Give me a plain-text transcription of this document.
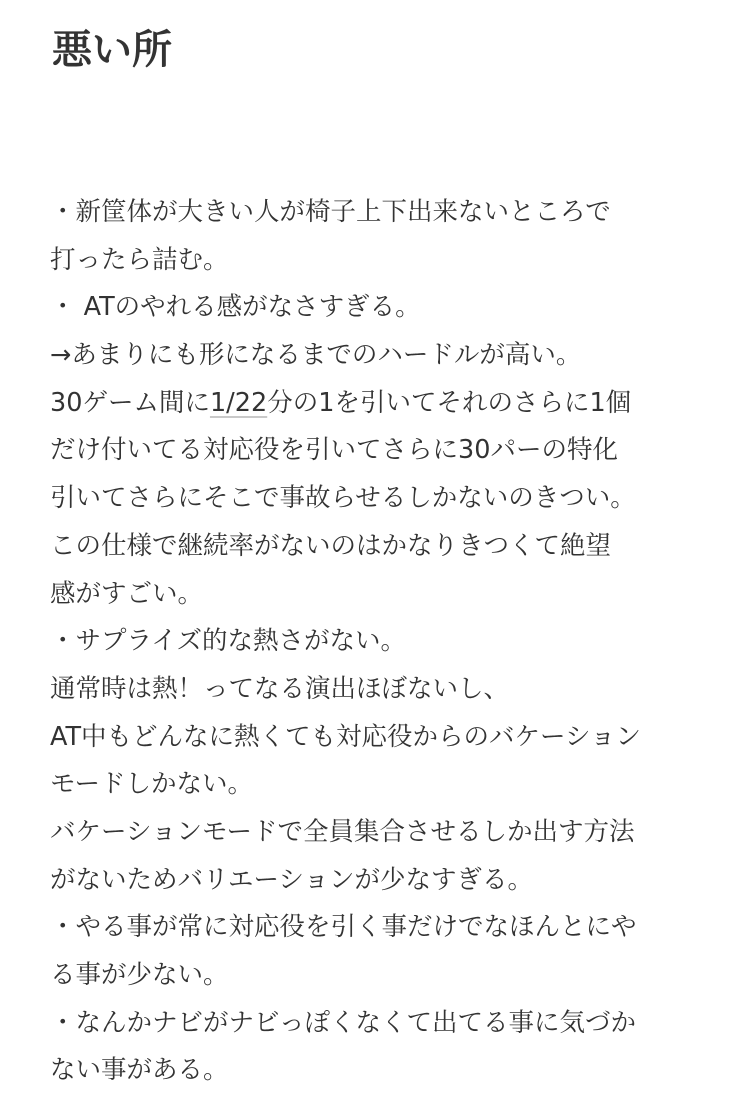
悪い所
・新筐体が大きい人が椅子上下出来ないところで
打ったら詰む。
・ ATのやれる感がなさすぎる。
→あまりにも形になるまでのハードルが高い。
30ゲーム間に1/22分の1を引いてそれのさらに1個
だけ付いてる対応役を引いてさらに30パーの特化
引いてさらにそこで事故らせるしかないのきつい。
この仕様で継続率がないのはかなりきつくて絶望
感がすごい。
・サプライズ的な熱さがない。
通常時は熱！ってなる演出ほぼないし、
AT中もどんなに熱くても対応役からのバケーション
モードしかない。
バケーションモードで全員集合させるしか出す方法
がないためバリエーションが少なすぎる。
・やる事が常に対応役を引く事だけでなほんとにや
る事が少ない。
・なんかナビがナビっぽくなくて出てる事に気づか
ない事がある。
